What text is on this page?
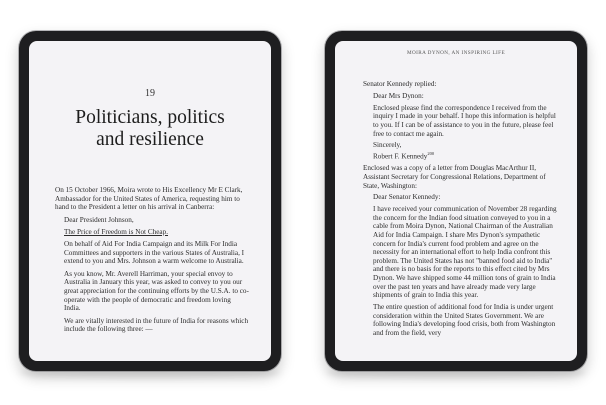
19
Politicians, politics
and resilience

On 15 October 1966, Moira wrote to His Excellency Mr E Clark, Ambassador for the United States of America, requesting him to hand to the President a letter on his arrival in Canberra:

Dear President Johnson,

The Price of Freedom is Not Cheap.

On behalf of Aid For India Campaign and its Milk For India Committees and supporters in the various States of Australia, I extend to you and Mrs. Johnson a warm welcome to Australia.

As you know, Mr. Averell Harriman, your special envoy to Australia in January this year, was asked to convey to you our great appreciation for the continuing efforts by the U.S.A. to co-operate with the people of democratic and freedom loving India.

We are vitally interested in the future of India for reasons which include the following three: —

MOIRA DYNON, AN INSPIRING LIFE

Senator Kennedy replied:

Dear Mrs Dynon:

Enclosed please find the correspondence I received from the inquiry I made in your behalf. I hope this information is helpful to you. If I can be of assistance to you in the future, please feel free to contact me again.

Sincerely,

Robert F. Kennedy$^{200}$

Enclosed was a copy of a letter from Douglas MacArthur II, Assistant Secretary for Congressional Relations, Department of State, Washington:

Dear Senator Kennedy:

I have received your communication of November 28 regarding the concern for the Indian food situation conveyed to you in a cable from Moira Dynon, National Chairman of the Australian Aid for India Campaign. I share Mrs Dynon's sympathetic concern for India's current food problem and agree on the necessity for an international effort to help India confront this problem. The United States has not "banned food aid to India" and there is no basis for the reports to this effect cited by Mrs Dynon. We have shipped some 44 million tons of grain to India over the past ten years and have already made very large shipments of grain to India this year.

The entire question of additional food for India is under urgent consideration within the United States Government. We are following India's developing food crisis, both from Washington and from the field, very
